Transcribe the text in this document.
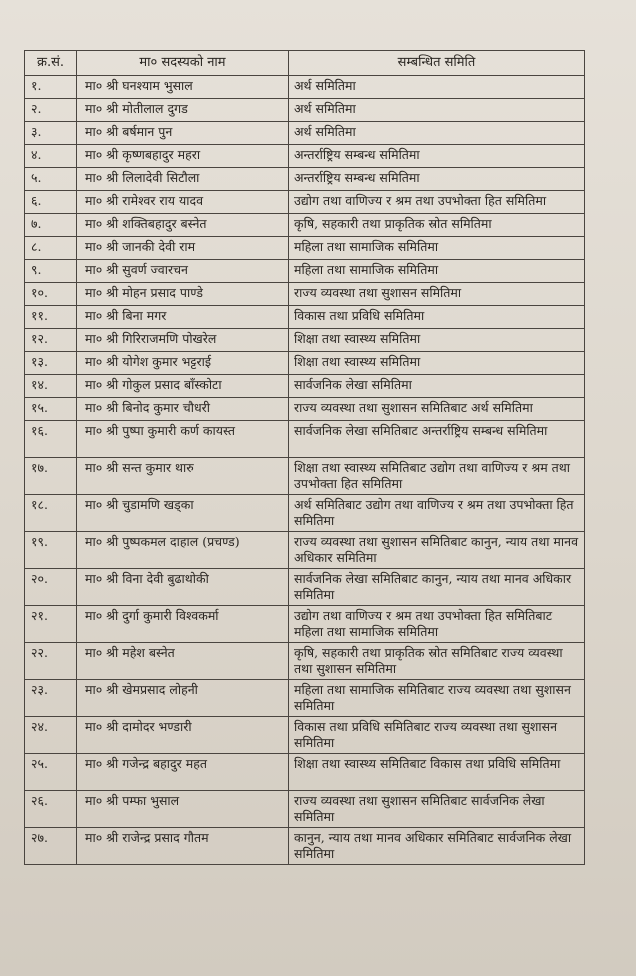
क्र.सं.	मा० सदस्यको नाम	सम्बन्धित समिति
१.	मा० श्री घनश्याम भुसाल	अर्थ समितिमा
२.	मा० श्री मोतीलाल दुगड	अर्थ समितिमा
३.	मा० श्री बर्षमान पुन	अर्थ समितिमा
४.	मा० श्री कृष्णबहादुर महरा	अन्तर्राष्ट्रिय सम्बन्ध समितिमा
५.	मा० श्री लिलादेवी सिटौला	अन्तर्राष्ट्रिय सम्बन्ध समितिमा
६.	मा० श्री रामेश्वर राय यादव	उद्योग तथा वाणिज्य र श्रम तथा उपभोक्ता हित समितिमा
७.	मा० श्री शक्तिबहादुर बस्नेत	कृषि, सहकारी तथा प्राकृतिक स्रोत समितिमा
८.	मा० श्री जानकी देवी राम	महिला तथा सामाजिक समितिमा
९.	मा० श्री सुवर्ण ज्वारचन	महिला तथा सामाजिक समितिमा
१०.	मा० श्री मोहन प्रसाद पाण्डे	राज्य व्यवस्था तथा सुशासन समितिमा
११.	मा० श्री बिना मगर	विकास तथा प्रविधि समितिमा
१२.	मा० श्री गिरिराजमणि पोखरेल	शिक्षा तथा स्वास्थ्य समितिमा
१३.	मा० श्री योगेश कुमार भट्टराई	शिक्षा तथा स्वास्थ्य समितिमा
१४.	मा० श्री गोकुल प्रसाद बाँस्कोटा	सार्वजनिक लेखा समितिमा
१५.	मा० श्री बिनोद कुमार चौधरी	राज्य व्यवस्था तथा सुशासन समितिबाट अर्थ समितिमा
१६.	मा० श्री पुष्पा कुमारी कर्ण कायस्त	सार्वजनिक लेखा समितिबाट अन्तर्राष्ट्रिय सम्बन्ध समितिमा
१७.	मा० श्री सन्त कुमार थारु	शिक्षा तथा स्वास्थ्य समितिबाट उद्योग तथा वाणिज्य र श्रम तथा उपभोक्ता हित समितिमा
१८.	मा० श्री चुडामणि खड्का	अर्थ समितिबाट उद्योग तथा वाणिज्य र श्रम तथा उपभोक्ता हित समितिमा
१९.	मा० श्री पुष्पकमल दाहाल (प्रचण्ड)	राज्य व्यवस्था तथा सुशासन समितिबाट कानुन, न्याय तथा मानव अधिकार समितिमा
२०.	मा० श्री विना देवी बुढाथोकी	सार्वजनिक लेखा समितिबाट कानुन, न्याय तथा मानव अधिकार समितिमा
२१.	मा० श्री दुर्गा कुमारी विश्वकर्मा	उद्योग तथा वाणिज्य र श्रम तथा उपभोक्ता हित समितिबाट महिला तथा सामाजिक समितिमा
२२.	मा० श्री महेश बस्नेत	कृषि, सहकारी तथा प्राकृतिक स्रोत समितिबाट राज्य व्यवस्था तथा सुशासन समितिमा
२३.	मा० श्री खेमप्रसाद लोहनी	महिला तथा सामाजिक समितिबाट राज्य व्यवस्था तथा सुशासन समितिमा
२४.	मा० श्री दामोदर भण्डारी	विकास तथा प्रविधि समितिबाट राज्य व्यवस्था तथा सुशासन समितिमा
२५.	मा० श्री गजेन्द्र बहादुर महत	शिक्षा तथा स्वास्थ्य समितिबाट विकास तथा प्रविधि समितिमा
२६.	मा० श्री पम्फा भुसाल	राज्य व्यवस्था तथा सुशासन समितिबाट सार्वजनिक लेखा समितिमा
२७.	मा० श्री राजेन्द्र प्रसाद गौतम	कानुन, न्याय तथा मानव अधिकार समितिबाट सार्वजनिक लेखा समितिमा
